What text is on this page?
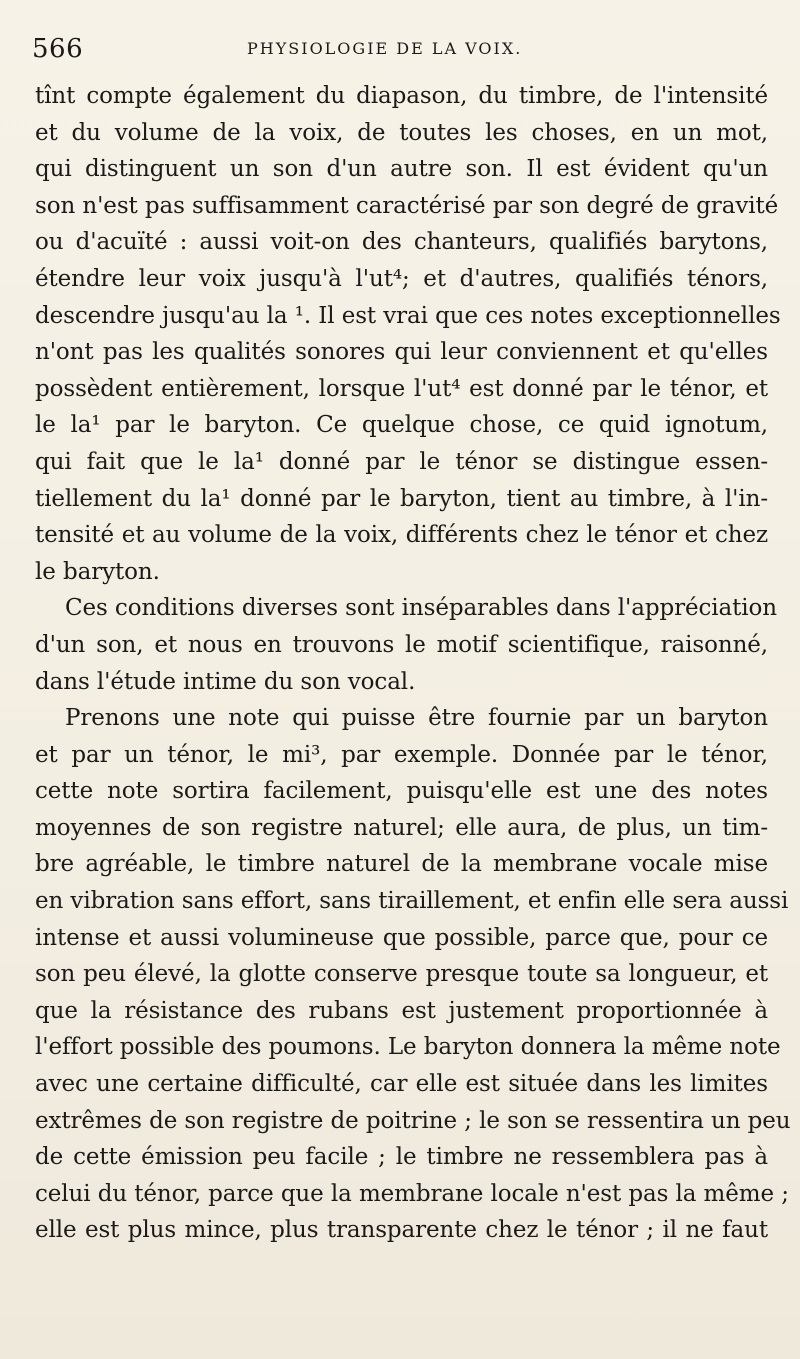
566	PHYSIOLOGIE DE LA VOIX.
tînt compte également du diapason, du timbre, de l'intensité
et du volume de la voix, de toutes les choses, en un mot,
qui distinguent un son d'un autre son. Il est évident qu'un
son n'est pas suffisamment caractérisé par son degré de gravité
ou d'acuïté : aussi voit-on des chanteurs, qualifiés barytons,
étendre leur voix jusqu'à l'ut⁴; et d'autres, qualifiés ténors,
descendre jusqu'au la ¹. Il est vrai que ces notes exceptionnelles
n'ont pas les qualités sonores qui leur conviennent et qu'elles
possèdent entièrement, lorsque l'ut⁴ est donné par le ténor, et
le la¹ par le baryton. Ce quelque chose, ce quid ignotum,
qui fait que le la¹ donné par le ténor se distingue essen-
tiellement du la¹ donné par le baryton, tient au timbre, à l'in-
tensité et au volume de la voix, différents chez le ténor et chez
le baryton.
Ces conditions diverses sont inséparables dans l'appréciation
d'un son, et nous en trouvons le motif scientifique, raisonné,
dans l'étude intime du son vocal.
Prenons une note qui puisse être fournie par un baryton
et par un ténor, le mi³, par exemple. Donnée par le ténor,
cette note sortira facilement, puisqu'elle est une des notes
moyennes de son registre naturel; elle aura, de plus, un tim-
bre agréable, le timbre naturel de la membrane vocale mise
en vibration sans effort, sans tiraillement, et enfin elle sera aussi
intense et aussi volumineuse que possible, parce que, pour ce
son peu élevé, la glotte conserve presque toute sa longueur, et
que la résistance des rubans est justement proportionnée à
l'effort possible des poumons. Le baryton donnera la même note
avec une certaine difficulté, car elle est située dans les limites
extrêmes de son registre de poitrine ; le son se ressentira un peu
de cette émission peu facile ; le timbre ne ressemblera pas à
celui du ténor, parce que la membrane locale n'est pas la même ;
elle est plus mince, plus transparente chez le ténor ; il ne faut
